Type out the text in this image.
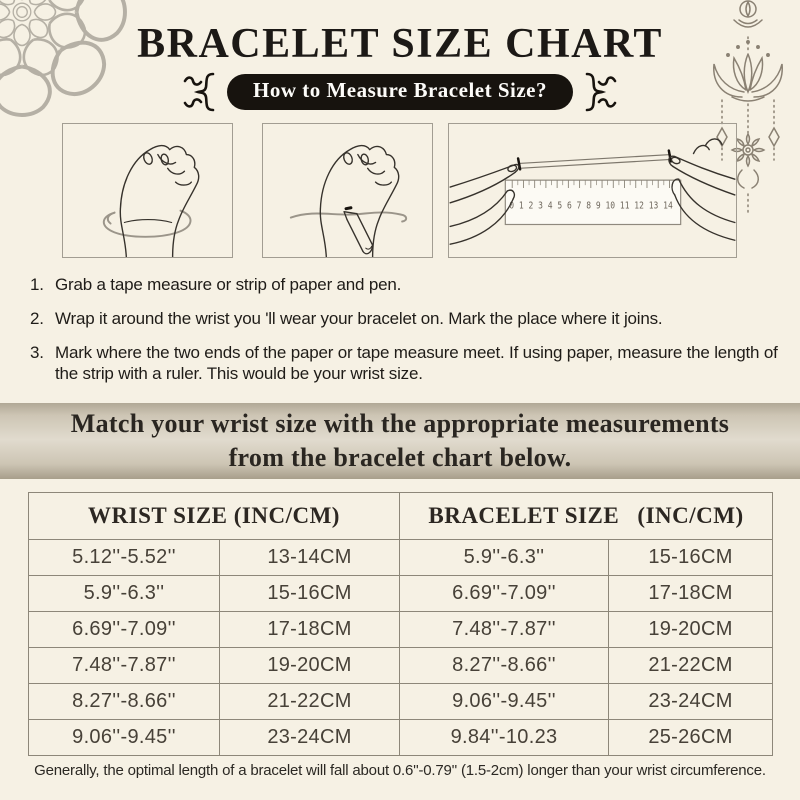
BRACELET SIZE CHART
How to Measure Bracelet Size?
0 1 2 3 4 5 6 7 8 9 10 11 12 13 14
1. Grab a tape measure or strip of paper and pen.
2. Wrap it around the wrist you 'll wear your bracelet on. Mark the place where it joins.
3. Mark where the two ends of the paper or tape measure meet. If using paper, measure the length of the strip with a ruler. This would be your wrist size.
Match your wrist size with the appropriate measurements
from the bracelet chart below.
WRIST SIZE (INC/CM)		BRACELET SIZE  (INC/CM)	
5.12''-5.52''	13-14CM	5.9''-6.3''	15-16CM
5.9''-6.3''	15-16CM	6.69''-7.09''	17-18CM
6.69''-7.09''	17-18CM	7.48''-7.87''	19-20CM
7.48''-7.87''	19-20CM	8.27''-8.66''	21-22CM
8.27''-8.66''	21-22CM	9.06''-9.45''	23-24CM
9.06''-9.45''	23-24CM	9.84''-10.23	25-26CM
Generally, the optimal length of a bracelet will fall about 0.6''-0.79'' (1.5-2cm) longer than your wrist circumference.
